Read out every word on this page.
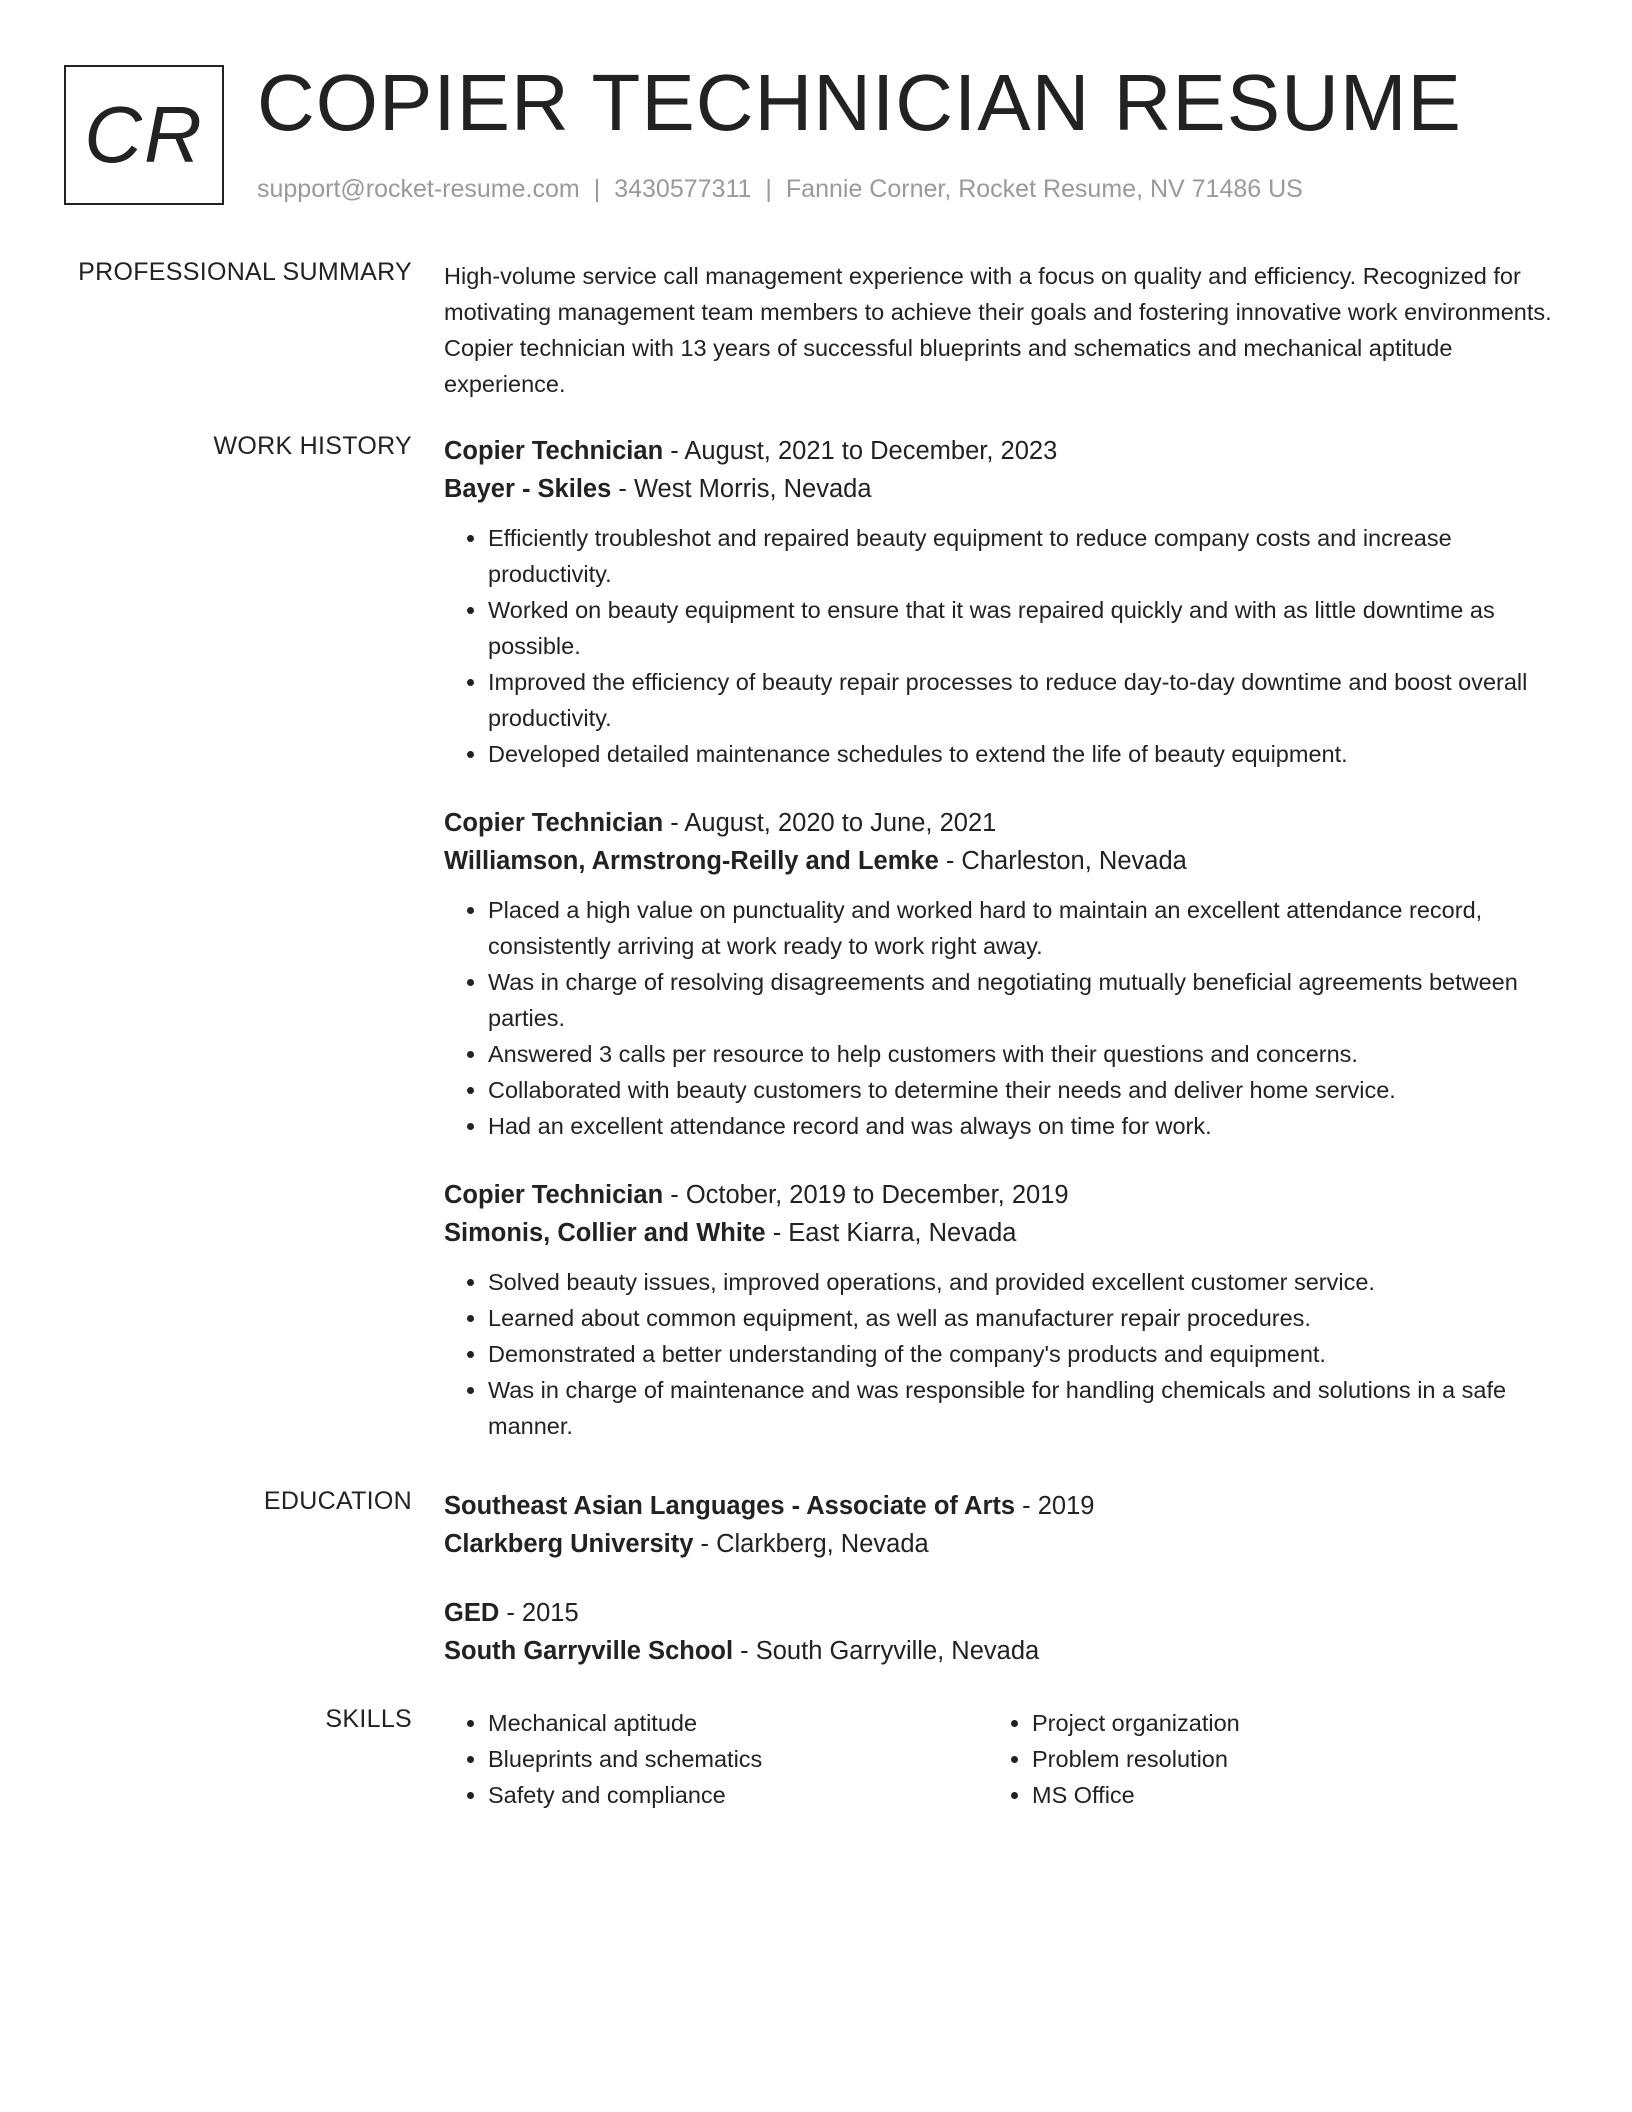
CR COPIER TECHNICIAN RESUME
support@rocket-resume.com | 3430577311 | Fannie Corner, Rocket Resume, NV 71486 US
PROFESSIONAL SUMMARY High-volume service call management experience with a focus on quality and efficiency. Recognized for motivating management team members to achieve their goals and fostering innovative work environments. Copier technician with 13 years of successful blueprints and schematics and mechanical aptitude experience.

WORK HISTORY Copier Technician - August, 2021 to December, 2023
Bayer - Skiles - West Morris, Nevada
• Efficiently troubleshot and repaired beauty equipment to reduce company costs and increase productivity.
• Worked on beauty equipment to ensure that it was repaired quickly and with as little downtime as possible.
• Improved the efficiency of beauty repair processes to reduce day-to-day downtime and boost overall productivity.
• Developed detailed maintenance schedules to extend the life of beauty equipment.
Copier Technician - August, 2020 to June, 2021
Williamson, Armstrong-Reilly and Lemke - Charleston, Nevada
• Placed a high value on punctuality and worked hard to maintain an excellent attendance record, consistently arriving at work ready to work right away.
• Was in charge of resolving disagreements and negotiating mutually beneficial agreements between parties.
• Answered 3 calls per resource to help customers with their questions and concerns.
• Collaborated with beauty customers to determine their needs and deliver home service.
• Had an excellent attendance record and was always on time for work.
Copier Technician - October, 2019 to December, 2019
Simonis, Collier and White - East Kiarra, Nevada
• Solved beauty issues, improved operations, and provided excellent customer service.
• Learned about common equipment, as well as manufacturer repair procedures.
• Demonstrated a better understanding of the company's products and equipment.
• Was in charge of maintenance and was responsible for handling chemicals and solutions in a safe manner.
EDUCATION Southeast Asian Languages - Associate of Arts - 2019
Clarkberg University - Clarkberg, Nevada
GED - 2015
South Garryville School - South Garryville, Nevada
SKILLS
•	Mechanical aptitude
• Blueprints and schematics
• Safety and compliance
• Project organization
• Problem resolution
• MS Office
